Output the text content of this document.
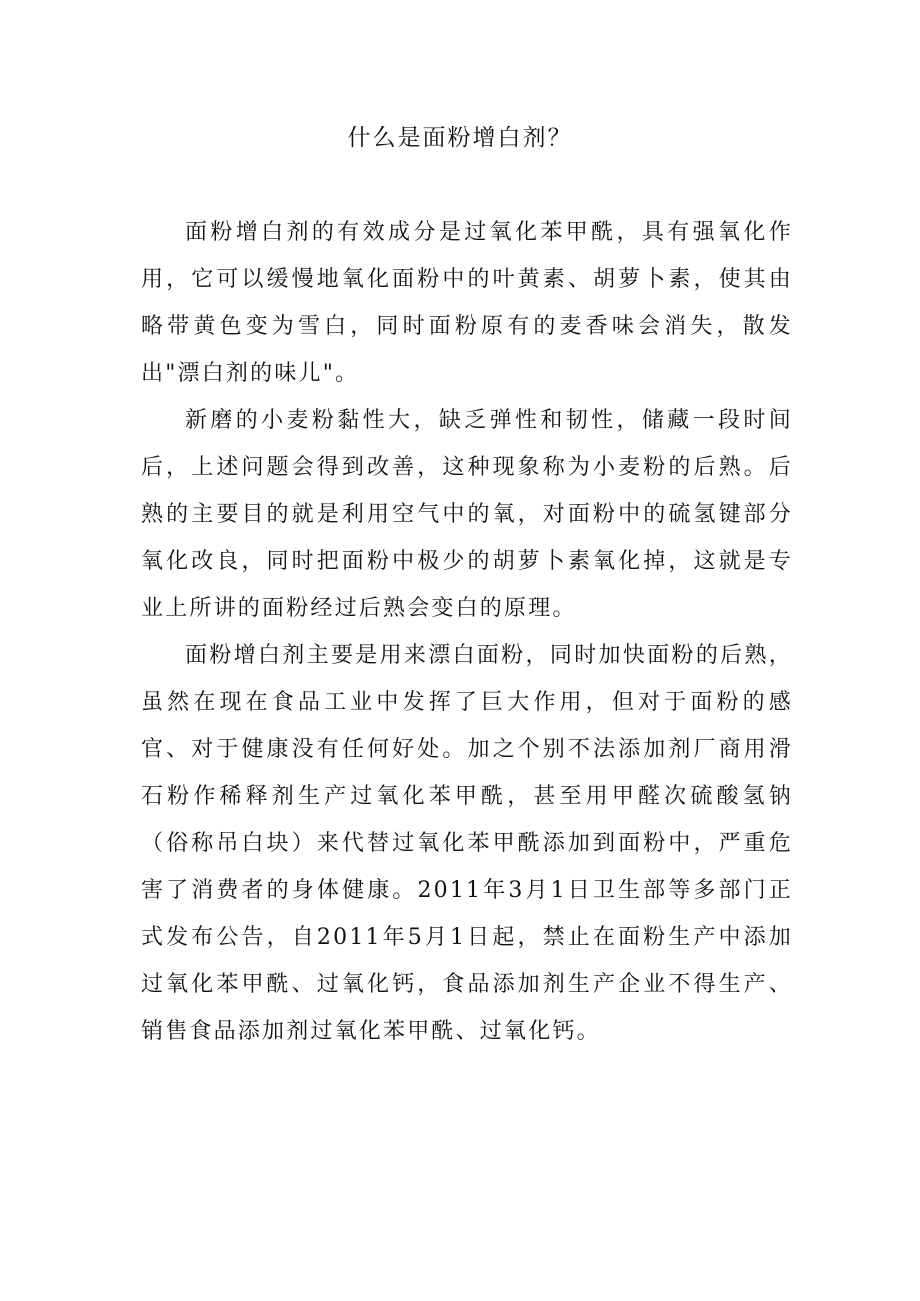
什么是面粉增白剂？

面粉增白剂的有效成分是过氧化苯甲酰，具有强氧化作用，它可以缓慢地氧化面粉中的叶黄素、胡萝卜素，使其由略带黄色变为雪白，同时面粉原有的麦香味会消失，散发出"漂白剂的味儿"。

新磨的小麦粉黏性大，缺乏弹性和韧性，储藏一段时间后，上述问题会得到改善，这种现象称为小麦粉的后熟。后熟的主要目的就是利用空气中的氧，对面粉中的硫氢键部分氧化改良，同时把面粉中极少的胡萝卜素氧化掉，这就是专业上所讲的面粉经过后熟会变白的原理。

面粉增白剂主要是用来漂白面粉，同时加快面粉的后熟，虽然在现在食品工业中发挥了巨大作用，但对于面粉的感官、对于健康没有任何好处。加之个别不法添加剂厂商用滑石粉作稀释剂生产过氧化苯甲酰，甚至用甲醛次硫酸氢钠（俗称吊白块）来代替过氧化苯甲酰添加到面粉中，严重危害了消费者的身体健康。2011年3月1日卫生部等多部门正式发布公告，自2011年5月1日起，禁止在面粉生产中添加过氧化苯甲酰、过氧化钙，食品添加剂生产企业不得生产、销售食品添加剂过氧化苯甲酰、过氧化钙。
